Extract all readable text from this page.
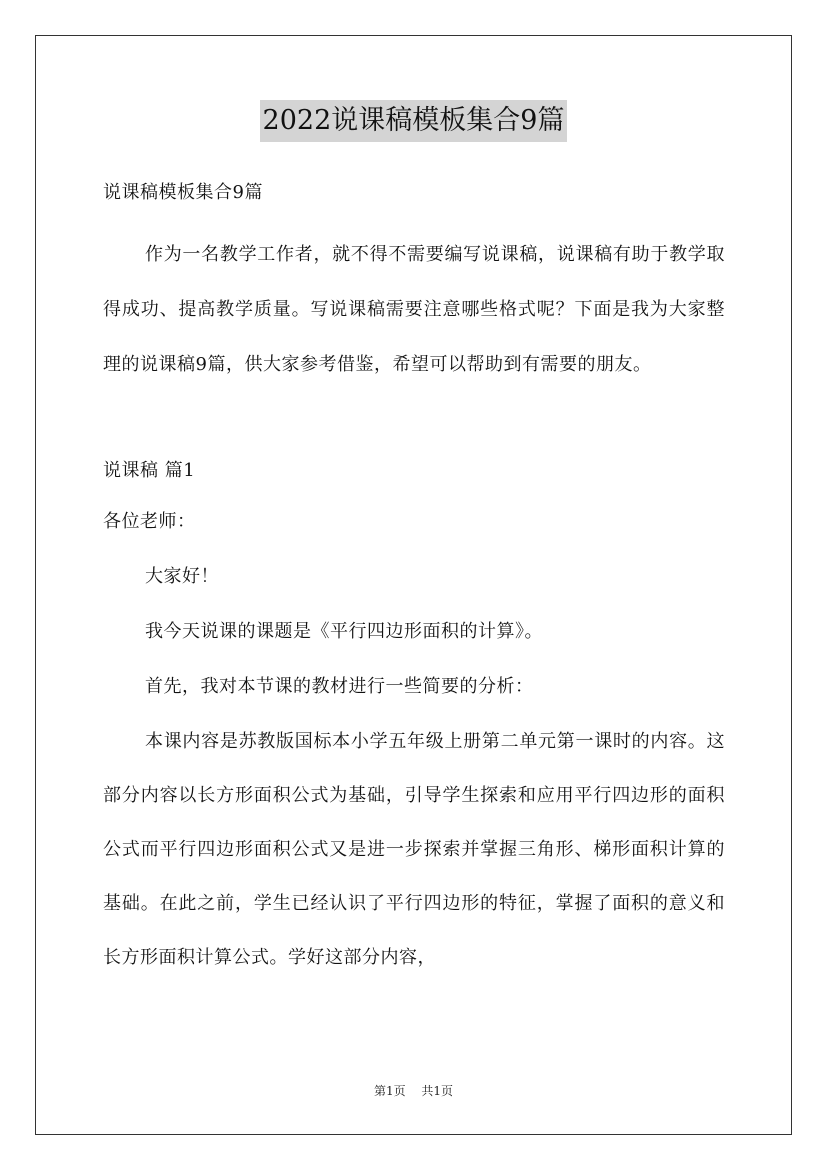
2022说课稿模板集合9篇

说课稿模板集合9篇

作为一名教学工作者，就不得不需要编写说课稿，说课稿有助于教学取得成功、提高教学质量。写说课稿需要注意哪些格式呢？下面是我为大家整理的说课稿9篇，供大家参考借鉴，希望可以帮助到有需要的朋友。

说课稿 篇1

各位老师：

大家好！

我今天说课的课题是《平行四边形面积的计算》。

首先，我对本节课的教材进行一些简要的分析：

本课内容是苏教版国标本小学五年级上册第二单元第一课时的内容。这部分内容以长方形面积公式为基础，引导学生探索和应用平行四边形的面积公式而平行四边形面积公式又是进一步探索并掌握三角形、梯形面积计算的基础。在此之前，学生已经认识了平行四边形的特征，掌握了面积的意义和长方形面积计算公式。学好这部分内容，

第1页 共1页
